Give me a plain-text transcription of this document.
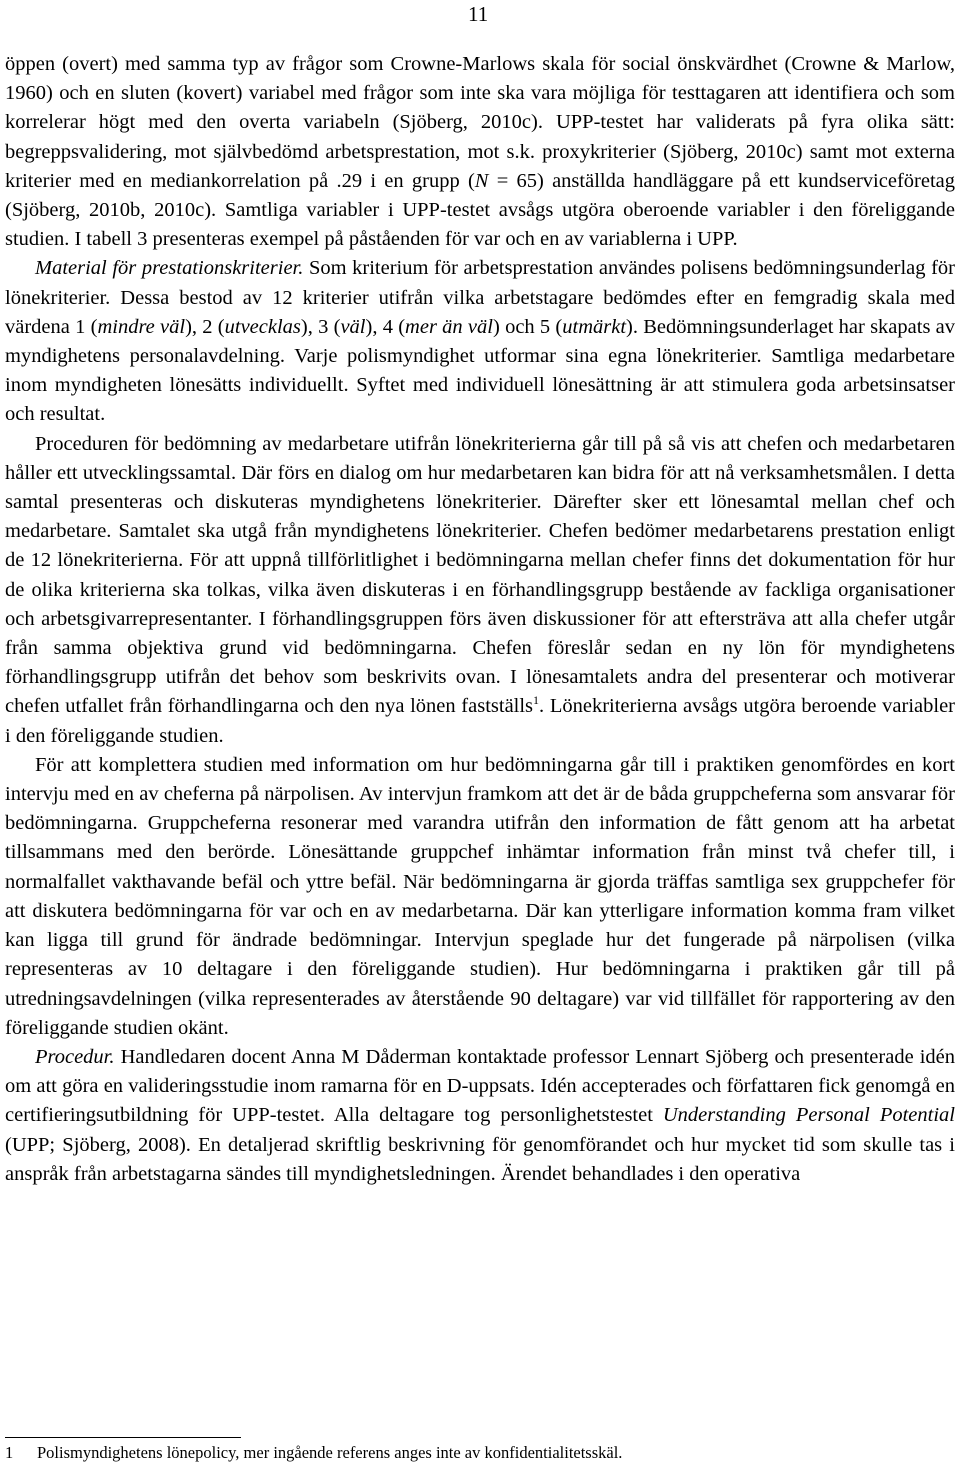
11

öppen (overt) med samma typ av frågor som Crowne-Marlows skala för social önskvärdhet (Crowne & Marlow, 1960) och en sluten (kovert) variabel med frågor som inte ska vara möjliga för testtagaren att identifiera och som korrelerar högt med den overta variabeln (Sjöberg, 2010c). UPP-testet har validerats på fyra olika sätt: begreppsvalidering, mot självbedömd arbetsprestation, mot s.k. proxykriterier (Sjöberg, 2010c) samt mot externa kriterier med en mediankorrelation på .29 i en grupp (N = 65) anställda handläggare på ett kundserviceföretag (Sjöberg, 2010b, 2010c). Samtliga variabler i UPP-testet avsågs utgöra oberoende variabler i den föreliggande studien. I tabell 3 presenteras exempel på påståenden för var och en av variablerna i UPP.

Material för prestationskriterier. Som kriterium för arbetsprestation användes polisens bedömningsunderlag för lönekriterier. Dessa bestod av 12 kriterier utifrån vilka arbetstagare bedömdes efter en femgradig skala med värdena 1 (mindre väl), 2 (utvecklas), 3 (väl), 4 (mer än väl) och 5 (utmärkt). Bedömningsunderlaget har skapats av myndighetens personalavdelning. Varje polismyndighet utformar sina egna lönekriterier. Samtliga medarbetare inom myndigheten lönesätts individuellt. Syftet med individuell lönesättning är att stimulera goda arbetsinsatser och resultat.

Proceduren för bedömning av medarbetare utifrån lönekriterierna går till på så vis att chefen och medarbetaren håller ett utvecklingssamtal. Där förs en dialog om hur medarbetaren kan bidra för att nå verksamhetsmålen. I detta samtal presenteras och diskuteras myndighetens lönekriterier. Därefter sker ett lönesamtal mellan chef och medarbetare. Samtalet ska utgå från myndighetens lönekriterier. Chefen bedömer medarbetarens prestation enligt de 12 lönekriterierna. För att uppnå tillförlitlighet i bedömningarna mellan chefer finns det dokumentation för hur de olika kriterierna ska tolkas, vilka även diskuteras i en förhandlingsgrupp bestående av fackliga organisationer och arbetsgivarrepresentanter. I förhandlingsgruppen förs även diskussioner för att eftersträva att alla chefer utgår från samma objektiva grund vid bedömningarna. Chefen föreslår sedan en ny lön för myndighetens förhandlingsgrupp utifrån det behov som beskrivits ovan. I lönesamtalets andra del presenterar och motiverar chefen utfallet från förhandlingarna och den nya lönen fastställs$^1$. Lönekriterierna avsågs utgöra beroende variabler i den föreliggande studien.

För att komplettera studien med information om hur bedömningarna går till i praktiken genomfördes en kort intervju med en av cheferna på närpolisen. Av intervjun framkom att det är de båda gruppcheferna som ansvarar för bedömningarna. Gruppcheferna resonerar med varandra utifrån den information de fått genom att ha arbetat tillsammans med den berörde. Lönesättande gruppchef inhämtar information från minst två chefer till, i normalfallet vakthavande befäl och yttre befäl. När bedömningarna är gjorda träffas samtliga sex gruppchefer för att diskutera bedömningarna för var och en av medarbetarna. Där kan ytterligare information komma fram vilket kan ligga till grund för ändrade bedömningar. Intervjun speglade hur det fungerade på närpolisen (vilka representeras av 10 deltagare i den föreliggande studien). Hur bedömningarna i praktiken går till på utredningsavdelningen (vilka representerades av återstående 90 deltagare) var vid tillfället för rapportering av den föreliggande studien okänt.

Procedur. Handledaren docent Anna M Dåderman kontaktade professor Lennart Sjöberg och presenterade idén om att göra en valideringsstudie inom ramarna för en D-uppsats. Idén accepterades och författaren fick genomgå en certifieringsutbildning för UPP-testet. Alla deltagare tog personlighetstestet Understanding Personal Potential (UPP; Sjöberg, 2008). En detaljerad skriftlig beskrivning för genomförandet och hur mycket tid som skulle tas i anspråk från arbetstagarna sändes till myndighetsledningen. Ärendet behandlades i den operativa

1 Polismyndighetens lönepolicy, mer ingående referens anges inte av konfidentialitetsskäl.
